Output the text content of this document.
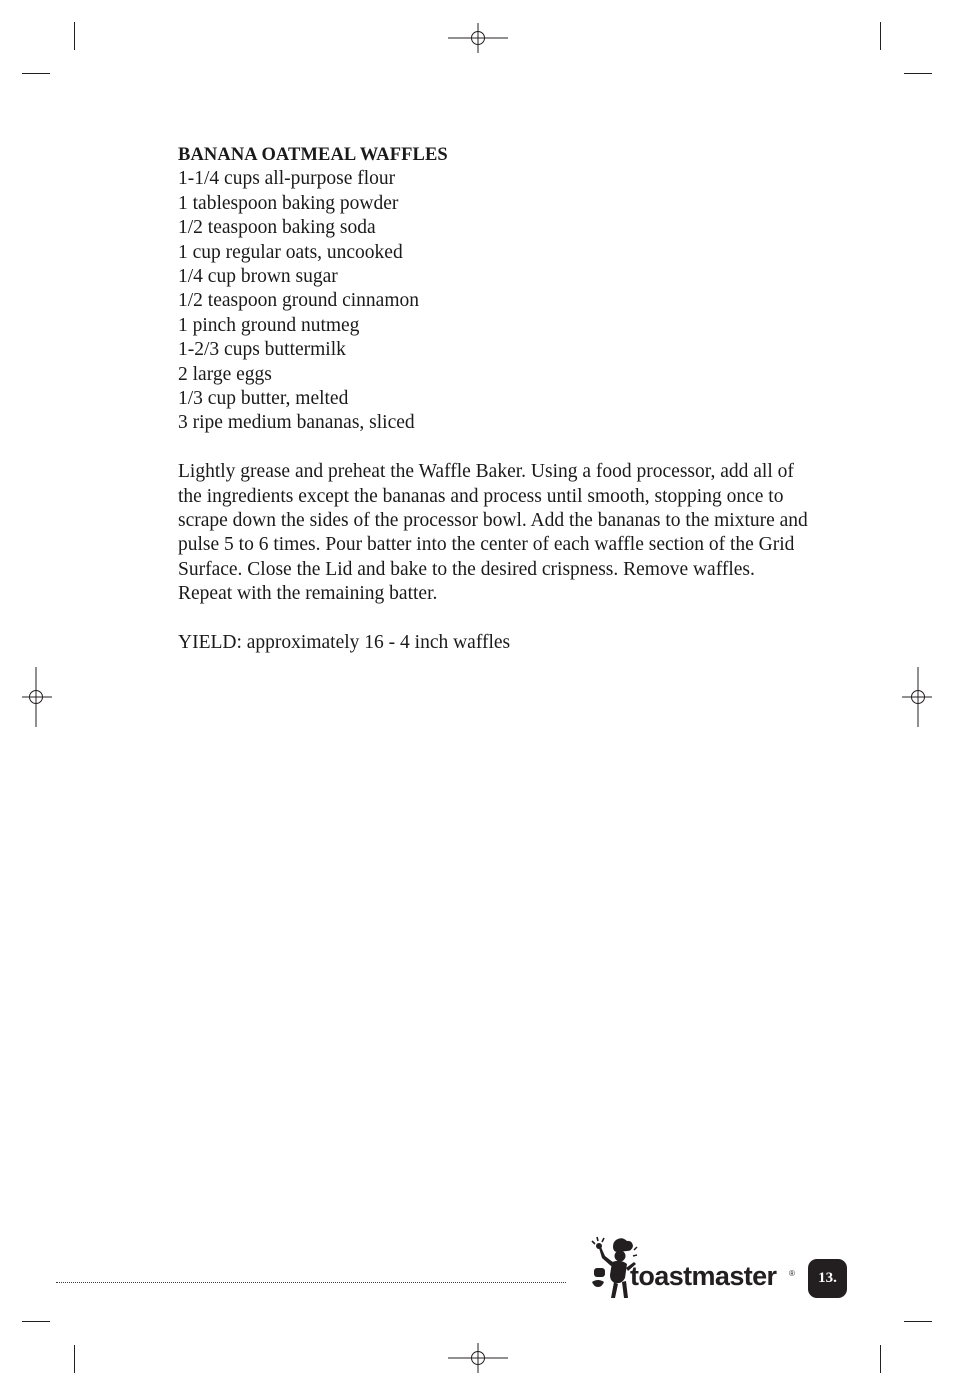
BANANA OATMEAL WAFFLES
1-1/4 cups all-purpose flour
1 tablespoon baking powder
1/2 teaspoon baking soda
1 cup regular oats, uncooked
1/4 cup brown sugar
1/2 teaspoon ground cinnamon
1 pinch ground nutmeg
1-2/3 cups buttermilk
2 large eggs
1/3 cup butter, melted
3 ripe medium bananas, sliced

Lightly grease and preheat the Waffle Baker. Using a food processor, add all of the ingredients except the bananas and process until smooth, stopping once to scrape down the sides of the processor bowl. Add the bananas to the mixture and pulse 5 to 6 times. Pour batter into the center of each waffle section of the Grid Surface. Close the Lid and bake to the desired crispness. Remove waffles. Repeat with the remaining batter.

YIELD: approximately 16 - 4 inch waffles

toastmaster ®	13.
